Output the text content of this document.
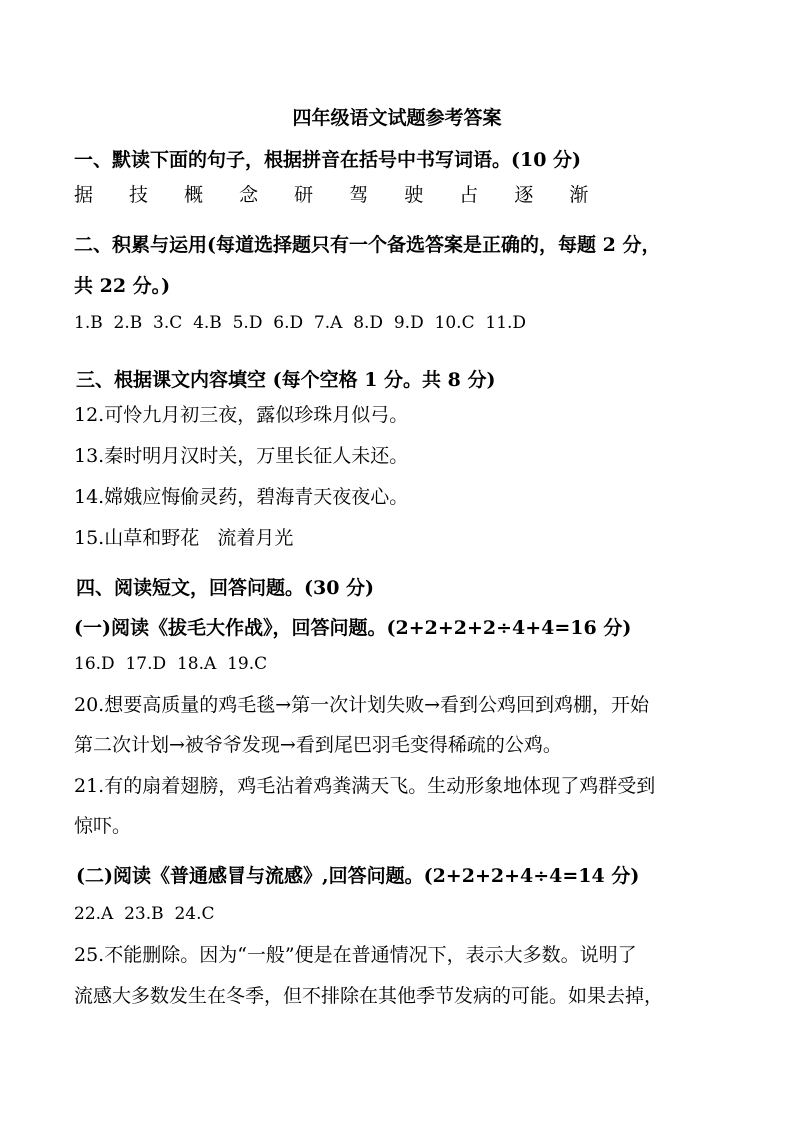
四年级语文试题参考答案
一、默读下面的句子，根据拼音在括号中书写词语。(10 分)
据 技 概 念 研 驾 驶 占 逐 渐
二、积累与运用(每道选择题只有一个备选答案是正确的，每题 2 分，
共 22 分。)
1.B  2.B  3.C  4.B  5.D  6.D  7.A  8.D  9.D  10.C  11.D
三、根据课文内容填空 (每个空格 1 分。共 8 分)
12.可怜九月初三夜，露似珍珠月似弓。
13.秦时明月汉时关，万里长征人未还。
14.嫦娥应悔偷灵药，碧海青天夜夜心。
15.山草和野花   流着月光
四、阅读短文，回答问题。(30 分)
(一)阅读《拔毛大作战》，回答问题。(2+2+2+2÷4+4=16 分)
16.D  17.D  18.A  19.C
20.想要高质量的鸡毛毯→第一次计划失败→看到公鸡回到鸡棚，开始
第二次计划→被爷爷发现→看到尾巴羽毛变得稀疏的公鸡。
21.有的扇着翅膀，鸡毛沾着鸡粪满天飞。生动形象地体现了鸡群受到
惊吓。
(二)阅读《普通感冒与流感》,回答问题。(2+2+2+4÷4=14 分)
22.A  23.B  24.C
25.不能删除。因为“一般”便是在普通情况下，表示大多数。说明了
流感大多数发生在冬季，但不排除在其他季节发病的可能。如果去掉，
